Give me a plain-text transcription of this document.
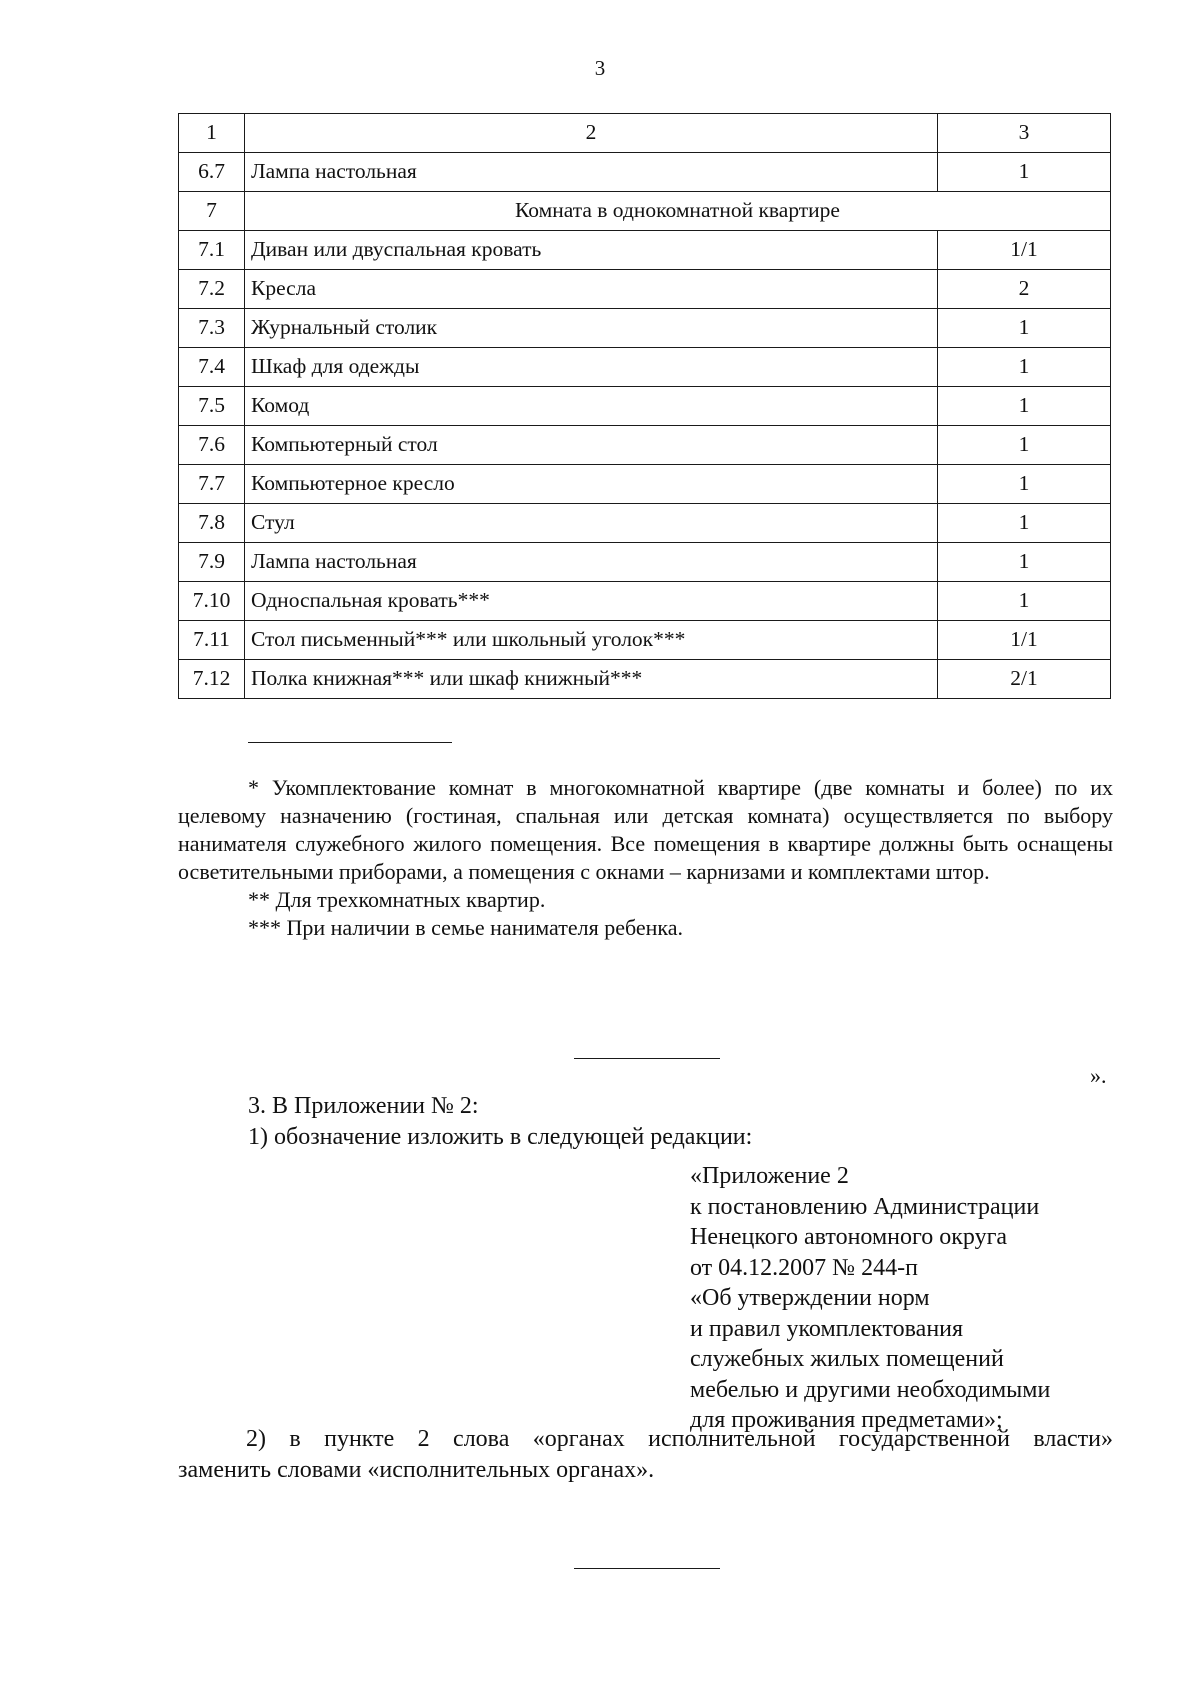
3
1	2	3
6.7	Лампа настольная	1
7	Комната в однокомнатной квартире	
7.1	Диван или двуспальная кровать	1/1
7.2	Кресла	2
7.3	Журнальный столик	1
7.4	Шкаф для одежды	1
7.5	Комод	1
7.6	Компьютерный стол	1
7.7	Компьютерное кресло	1
7.8	Стул	1
7.9	Лампа настольная	1
7.10	Односпальная кровать***	1
7.11	Стол письменный*** или школьный уголок***	1/1
7.12	Полка книжная*** или шкаф книжный***	2/1

* Укомплектование комнат в многокомнатной квартире (две комнаты и более) по их целевому назначению (гостиная, спальная или детская комната) осуществляется по выбору нанимателя служебного жилого помещения. Все помещения в квартире должны быть оснащены осветительными приборами, а помещения с окнами – карнизами и комплектами штор.

** Для трехкомнатных квартир.

*** При наличии в семье нанимателя ребенка.

».
3. В Приложении № 2:
1) обозначение изложить в следующей редакции:
«Приложение 2
к постановлению Администрации
Ненецкого автономного округа
от 04.12.2007 № 244-п
«Об утверждении норм
и правил укомплектования
служебных жилых помещений
мебелью и другими необходимыми
для проживания предметами»;
2) в пункте 2 слова «органах исполнительной государственной власти»
заменить словами «исполнительных органах».
